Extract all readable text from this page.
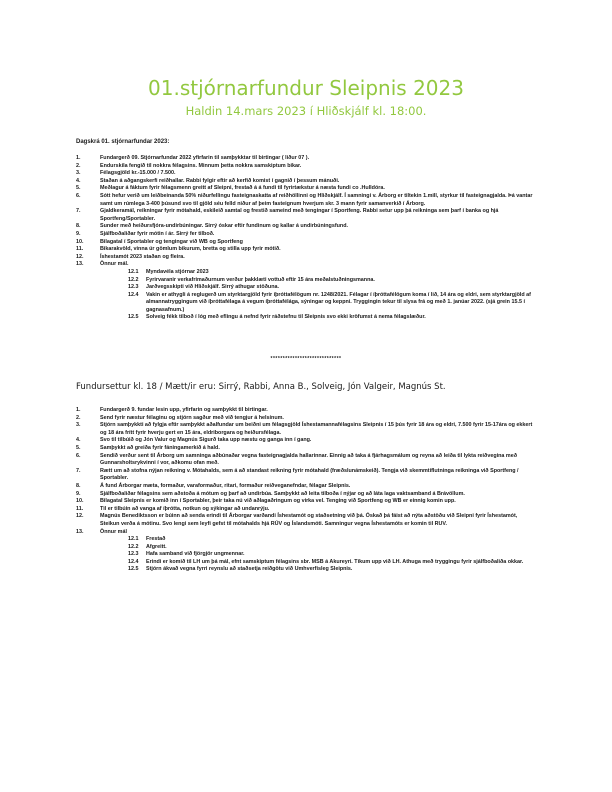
01.stjórnarfundur Sleipnis 2023
Haldin 14.mars 2023 í Hliðskjálf kl. 18:00.
Dagskrá 01. stjórnarfundar 2023:
1.	Fundargerð 09. Stjórnarfundar 2022 yfirfarin til samþykktar til birtingar ( liður 07 ).
2.	Endurskila fengið til nokkra félagsins. Minnum þetta nokkra samskiptum bikar.
3.	Félagsgjöld kr.-15.000 / 7.500.
4.	Staðan á aðgangskerfi reiðhallar. Rabbi fylgir eftir að kerfið komist í gagnið í þessum mánuði.
5.	Meðlagur á fáktum fyrir félagsmenn greitt af Sleipni, frestað á á fundi til fyrirtækstur á næsta fundi co .Hulldóra.
6.	Sótt hefur verið um leiðbeinanda 50% niðurfellingu fasteignaskatta af reiðhöllinni og Hliðskjálf. Í samningi v. Árborg er tiltekin 1.mill, styrkur til fasteignagjalda. Þá vantar samt um rúmlega 3-400 þúsund svo til gjöld séu felld niður af þeim fasteignum hverjum skr. 3 mann fyrir samanverkið í Árborg.
7.	Gjaldkeramál, reikningar fyrir mótahald, eskileið samtal og frestið sameind með tengingar í Sportfeng. Rabbi setur upp þá reikninga sem þarf í banka og hjá Sportfeng/Sportabler.
8.	Sunder með heiðursfjóra-undirbúningar. Sirrý óskar eftir fundinum og kallar á undirbúningsfund.
9.	Sjálfboðaliðar fyrir mótin í ár. Sirrý fer tilboð.
10.	Bilagatal í Sportabler og tengingar við WB og Sportfeng
11.	Bikarakvöld, vinna úr gömlum bikurum, bretta og stilla upp fyrir mótið.
12.	Íshestamót 2023 staðan og fleira.
13.	Önnur mál.
12.1 Myndavéla stjórnar 2023
12.2 Fyrirvaranir verkafrimaðurnum verður þakklæti vottuð eftir 15 ára meðalstuðningsmanna.
12.3 Jarðvegsskipti við Hliðskjálf. Sirrý athugar stöðuna.
12.4 Vakin er athygli á reglugerð um styrktargjöld fyrir íþróttafélögum nr. 1248/2021. Félagar í íþróttafélögum koma í lið, 14 ára og eldri, sem styrktargjöld af almannatryggingum við íþróttafélaga á vegum íþróttafélága, sýningar og keppni. Tryggingin tekur til slysa frá og með 1. janúar 2022. (sjá grein 15.5 í gagnasafnum.)
12.5 Solveig fékk tilboð í lóg með eflingu á nefnd fyrir ráðstefnu til Sleipnis svo ekki kröfumst á nema félagslæður.
*****************************
Fundursettur kl. 18 / Mætt/ir eru: Sirrý, Rabbi, Anna B., Solveig, Jón Valgeir, Magnús St.
1.	Fundargerð 9. fundar lesin upp, yfirfarin og samþykkt til birtingar.
2.	Send fyrir næstur félaginu og stjórn sagður með við tengjur á helsínum.
3.	Stjórn samþykkti að fylgja eftir samþykkt aðalfundar um beiðni um félagsgjöld Íshestamannafélagsins Sleipnis í 15 þús fyrir 18 ára og eldri, 7.500 fyrir 15-17ára og ekkert og 18 ára frítt fyrir hverju gert en 15 ára, eldriborgara og heiðursfélaga.
4.	Svo til tilbúið og Jón Valur og Magnús Sigurð taka upp næstu og ganga inn í gang.
5.	Samþykkt að greiða fyrir fáningamerkið á hald.
6.	Sendið verður sent til Árborg um samninga aðbúnaðar vegna fasteignagjalda hallarinnar. Einnig að taka á fjárhagsmálum og reyna að leiða til lykta reiðvegina með Gunnarsholtsrykvinni í vor, aðkomu ofan með.
7.	Rætt um að stofna nýjan reikning v. Mótahalds, sem á að standast reikning fyrir mótahald (fræðslunámskeið). Tengja við skemmtiflutninga reikninga við Sportfeng / Sportabler.
8.	Á fund Árborgar mæta, formaður, varaformaður, ritari, formaður reiðveganefndar, félagar Sleipnis.
9.	Sjálfboðaliðar félagsins sem aðstoða á mótum og þarf að undirbúa. Samþykkt að leita tilboða í nýjar og að láta laga vaktsamband á Brávöllum.
10.	Bilagatal Sleipnis er komið inn í Sportabler, þeir taka nú við aðlagaðringum og virka vel. Tenging við Sportfeng og WB er einnig komin upp.
11.	Til er tilbúin að vanga af íþrótta, notkun og sýkingar að undanrýju.
12.	Magnús Benediktsson er búinn að senda erindi til Árborgar varðandi Íshestamót og staðsetning við þá. Óskað þá fáist að nýta aðstöðu við Sleipni fyrir Íshestamót, Steikun verða á mótinu. Svo lengi sem leyfi gefst til mótahalds hjá RÚV og Íslandsmóti. Samningur vegna Íshestamóts er komin til RUV.
13.	Önnur mál
12.1 Frestað
12.2 Afgreitt.
12.3 Hafa samband við fjörgjör ungmennar.
12.4 Erindi er komið til LH um þá mál, efnt samskiptum félagsins sbr. MSB á Akureyri. Tíkum upp við LH. Athuga með tryggingu fyrir sjálfboðaliða okkar.
12.5 Stjórn ákvað vegna fyrri reynslu að staðsetja reiðgötu við Umhverfisleg Sleipnis.
